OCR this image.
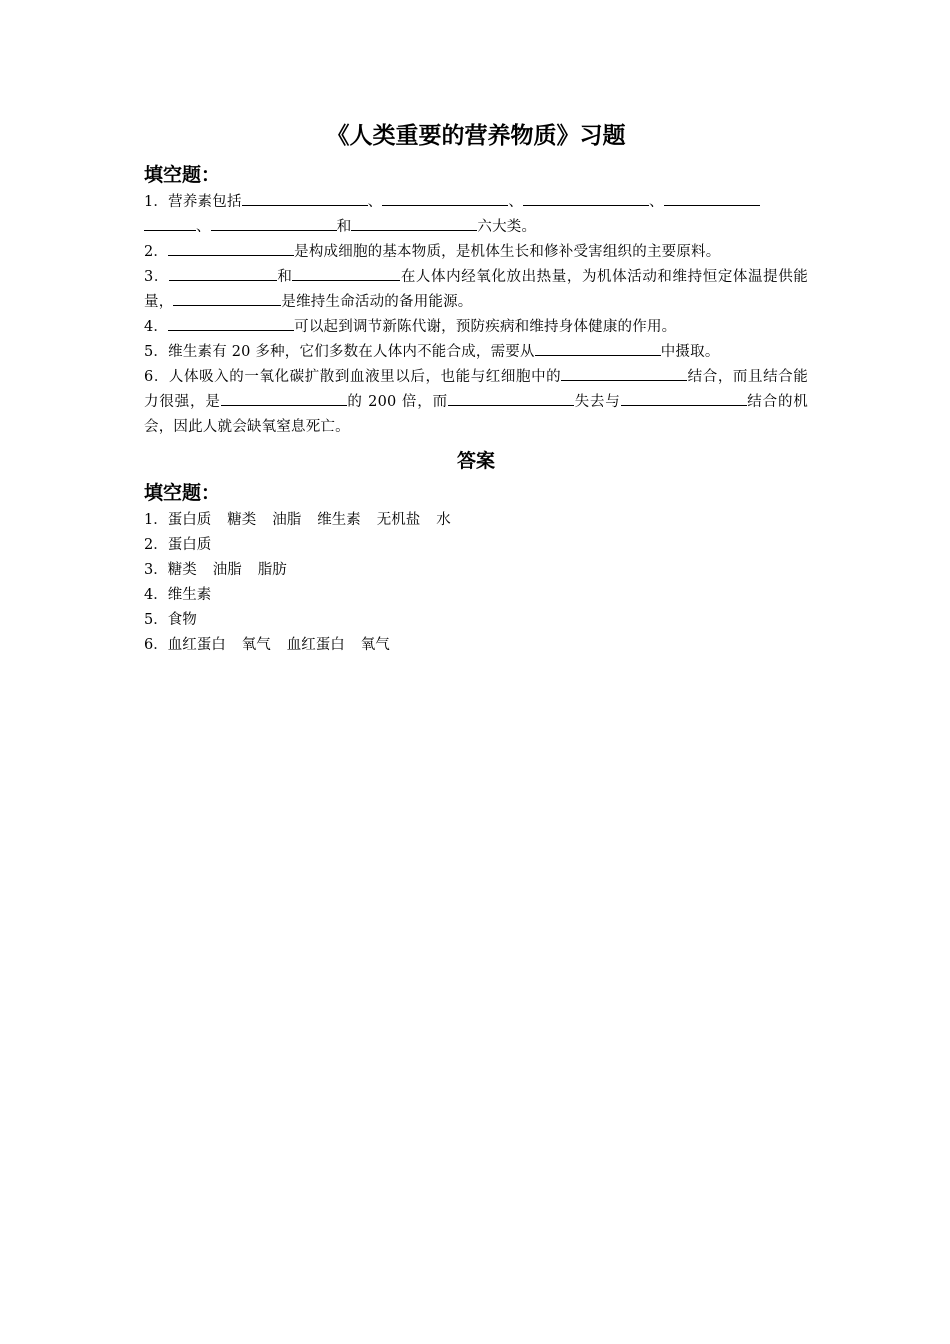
《人类重要的营养物质》习题
填空题：

1．营养素包括	、	、	、
、	和	六大类。

2．	是构成细胞的基本物质，是机体生长和修补受害组织的主要原料。

3．	和	在人体内经氧化放出热量，为机体活动和维持恒定体温提供能量，	是维持生命活动的备用能源。

4．	可以起到调节新陈代谢，预防疾病和维持身体健康的作用。

5．维生素有 20 多种，它们多数在人体内不能合成，需要从	中摄取。

6．人体吸入的一氧化碳扩散到血液里以后，也能与红细胞中的	结合，而且结合能力很强，是	的 200 倍，而	失去与	结合的机会，因此人就会缺氧窒息死亡。

答案
填空题：

1．蛋白质 糖类 油脂 维生素 无机盐 水

2．蛋白质

3．糖类 油脂 脂肪

4．维生素

5．食物

6．血红蛋白 氧气 血红蛋白 氧气
